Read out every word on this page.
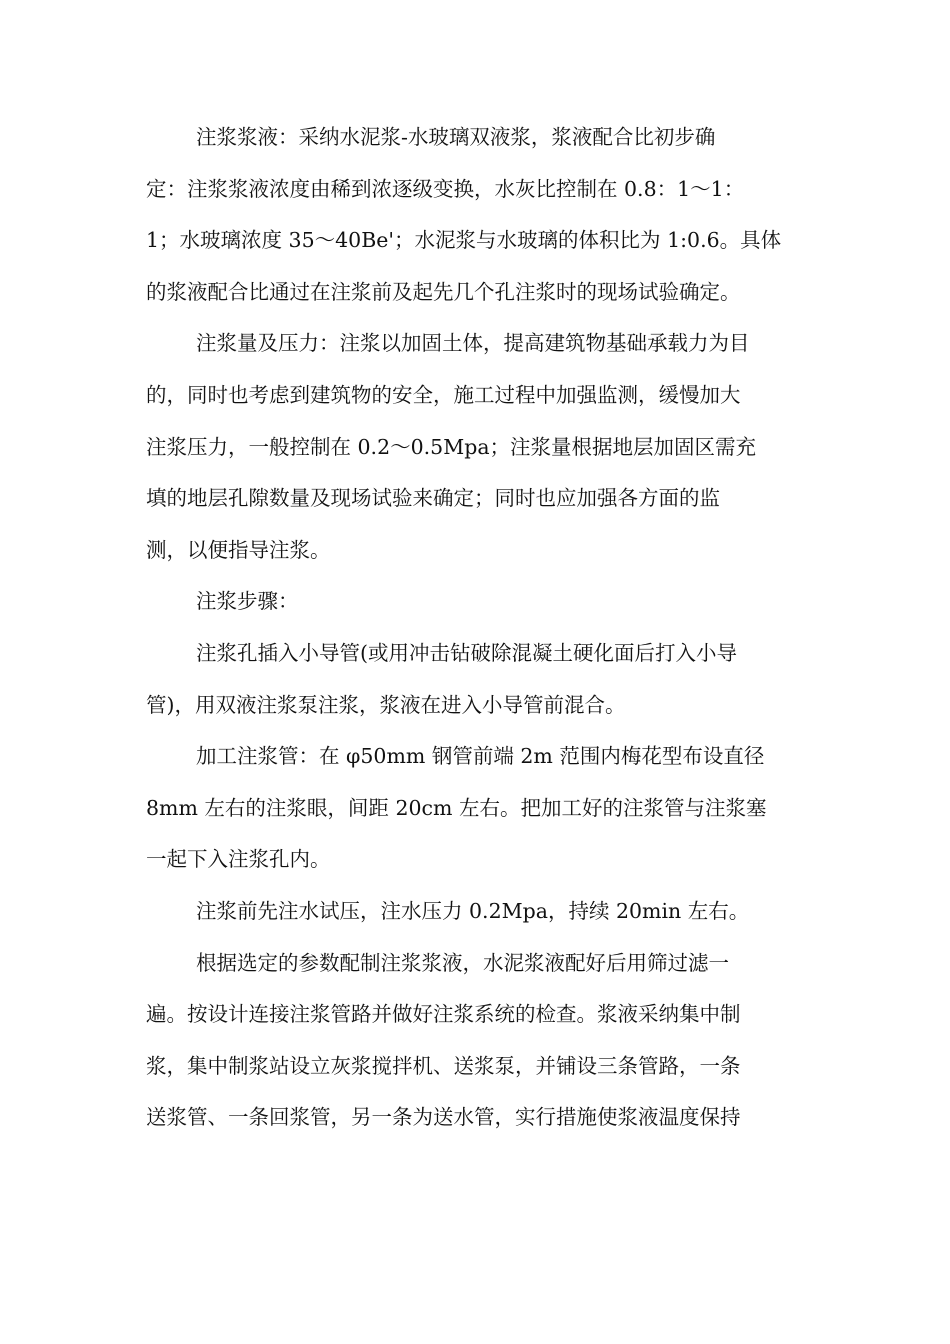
注浆浆液：采纳水泥浆-水玻璃双液浆，浆液配合比初步确
定：注浆浆液浓度由稀到浓逐级变换，水灰比控制在 0.8：1～1：
1；水玻璃浓度 35～40Be'；水泥浆与水玻璃的体积比为 1:0.6。具体
的浆液配合比通过在注浆前及起先几个孔注浆时的现场试验确定。
注浆量及压力：注浆以加固土体，提高建筑物基础承载力为目
的，同时也考虑到建筑物的安全，施工过程中加强监测，缓慢加大
注浆压力，一般控制在 0.2～0.5Mpa；注浆量根据地层加固区需充
填的地层孔隙数量及现场试验来确定；同时也应加强各方面的监
测，以便指导注浆。
注浆步骤：
注浆孔插入小导管(或用冲击钻破除混凝土硬化面后打入小导
管)，用双液注浆泵注浆，浆液在进入小导管前混合。
加工注浆管：在 φ50mm 钢管前端 2m 范围内梅花型布设直径
8mm 左右的注浆眼，间距 20cm 左右。把加工好的注浆管与注浆塞
一起下入注浆孔内。
注浆前先注水试压，注水压力 0.2Mpa，持续 20min 左右。
根据选定的参数配制注浆浆液，水泥浆液配好后用筛过滤一
遍。按设计连接注浆管路并做好注浆系统的检查。浆液采纳集中制
浆，集中制浆站设立灰浆搅拌机、送浆泵，并铺设三条管路，一条
送浆管、一条回浆管，另一条为送水管，实行措施使浆液温度保持
